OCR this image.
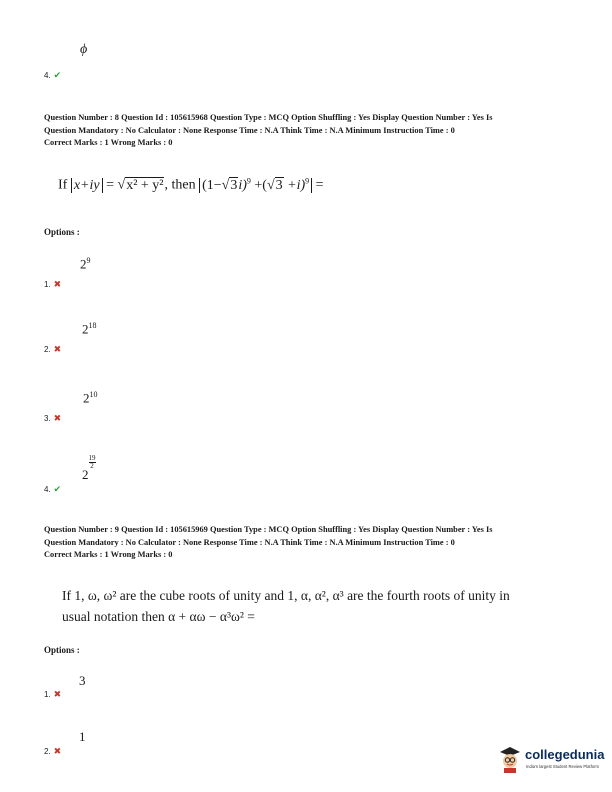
ϕ
4. ✔
Question Number : 8 Question Id : 105615968 Question Type : MCQ Option Shuffling : Yes Display Question Number : Yes Is
Question Mandatory : No Calculator : None Response Time : N.A Think Time : N.A Minimum Instruction Time : 0
Correct Marks : 1 Wrong Marks : 0
If x+iy = √x² + y², then $(1-√3i)^9 +(√3 +i)^9$ =
Options :
$2^9$
1. ✖
$2^{18}$
2. ✖
$2^{10}$
3. ✖
2
$\frac{19}{2}$
4. ✔
Question Number : 9 Question Id : 105615969 Question Type : MCQ Option Shuffling : Yes Display Question Number : Yes Is
Question Mandatory : No Calculator : None Response Time : N.A Think Time : N.A Minimum Instruction Time : 0
Correct Marks : 1 Wrong Marks : 0
If 1, ω, ω² are the cube roots of unity and 1, α, α², α³ are the fourth roots of unity in
usual notation then α + αω − α³ω² =
Options :
3
1. ✖
1
2. ✖	collegedunia
India's largest Student Review Platform
